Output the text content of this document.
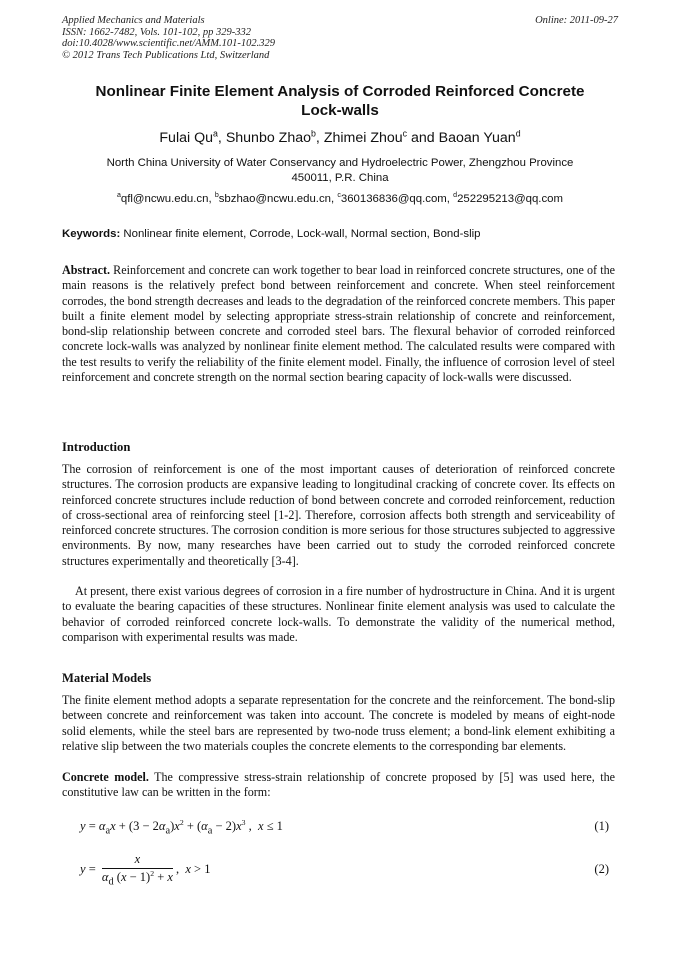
Applied Mechanics and Materials	Online: 2011-09-27
ISSN: 1662-7482, Vols. 101-102, pp 329-332
doi:10.4028/www.scientific.net/AMM.101-102.329
© 2012 Trans Tech Publications Ltd, Switzerland
Nonlinear Finite Element Analysis of Corroded Reinforced Concrete
Lock-walls
Fulai Qu$^a$, Shunbo Zhao$^b$, Zhimei Zhou$^c$ and Baoan Yuan$^d$
North China University of Water Conservancy and Hydroelectric Power, Zhengzhou Province
450011, P.R. China
$^a$qfl@ncwu.edu.cn, $^b$sbzhao@ncwu.edu.cn, $^c$360136836@qq.com, $^d$252295213@qq.com
Keywords: Nonlinear finite element, Corrode, Lock-wall, Normal section, Bond-slip

Abstract. Reinforcement and concrete can work together to bear load in reinforced concrete structures, one of the main reasons is the relatively prefect bond between reinforcement and concrete. When steel reinforcement corrodes, the bond strength decreases and leads to the degradation of the reinforced concrete members. This paper built a finite element model by selecting appropriate stress-strain relationship of concrete and reinforcement, bond-slip relationship between concrete and corroded steel bars. The flexural behavior of corroded reinforced concrete lock-walls was analyzed by nonlinear finite element method. The calculated results were compared with the test results to verify the reliability of the finite element model. Finally, the influence of corrosion level of steel reinforcement and concrete strength on the normal section bearing capacity of lock-walls were discussed.

Introduction

The corrosion of reinforcement is one of the most important causes of deterioration of reinforced concrete structures. The corrosion products are expansive leading to longitudinal cracking of concrete cover. Its effects on reinforced concrete structures include reduction of bond between concrete and corroded reinforcement, reduction of cross-sectional area of reinforcing steel [1-2]. Therefore, corrosion affects both strength and serviceability of reinforced concrete structures. The corrosion condition is more serious for those structures subjected to aggressive environments. By now, many researches have been carried out to study the corroded reinforced concrete structures experimentally and theoretically [3-4].

At present, there exist various degrees of corrosion in a fire number of hydrostructure in China. And it is urgent to evaluate the bearing capacities of these structures. Nonlinear finite element analysis was used to calculate the behavior of corroded reinforced concrete lock-walls. To demonstrate the validity of the numerical method, comparison with experimental results was made.

Material Models

The finite element method adopts a separate representation for the concrete and the reinforcement. The bond-slip between concrete and reinforcement was taken into account. The concrete is modeled by means of eight-node solid elements, while the steel bars are represented by two-node truss element; a bond-link element exhibiting a relative slip between the two materials couples the concrete elements to the corresponding bar elements.

Concrete model. The compressive stress-strain relationship of concrete proposed by [5] was used here, the constitutive law can be written in the form:

$y = \alpha_ax + (3 - 2\alpha_a)x^2 + (\alpha_a - 2)x^3$ ,  x ≤ 1	(1)
$y = \frac{x}{\alpha_d (x - 1)^2 + x}$ ,  x > 1	(2)
